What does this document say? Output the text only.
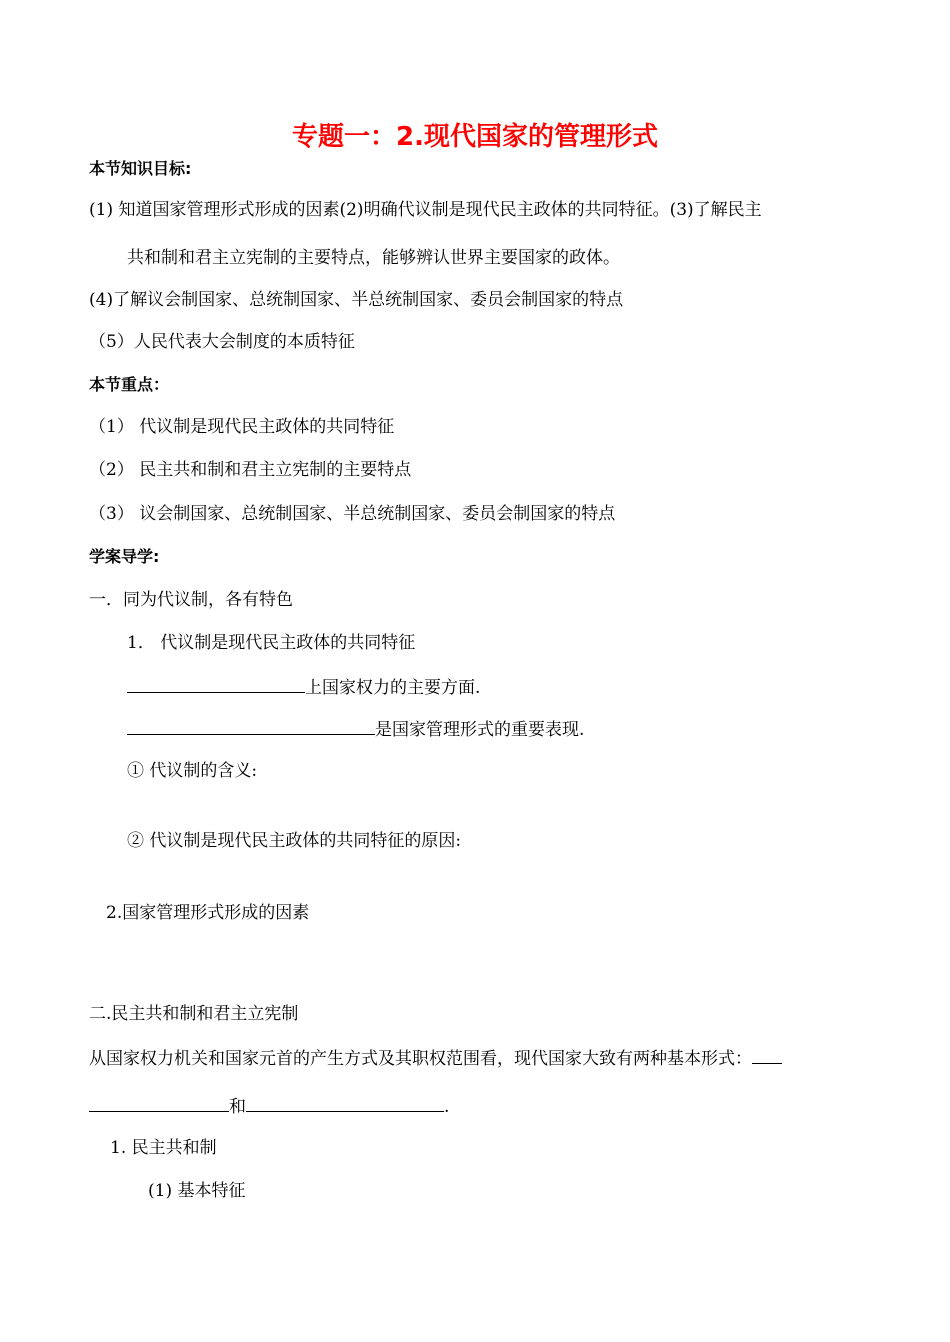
专题一：2.现代国家的管理形式
本节知识目标:
(1) 知道国家管理形式形成的因素(2)明确代议制是现代民主政体的共同特征。(3)了解民主
共和制和君主立宪制的主要特点，能够辨认世界主要国家的政体。
(4)了解议会制国家、总统制国家、半总统制国家、委员会制国家的特点
（5）人民代表大会制度的本质特征
本节重点：
（1） 代议制是现代民主政体的共同特征
（2） 民主共和制和君主立宪制的主要特点
（3） 议会制国家、总统制国家、半总统制国家、委员会制国家的特点
学案导学:
一．同为代议制，各有特色
1． 代议制是现代民主政体的共同特征
上国家权力的主要方面.
是国家管理形式的重要表现.
① 代议制的含义:
② 代议制是现代民主政体的共同特征的原因:
2.国家管理形式形成的因素
二.民主共和制和君主立宪制
从国家权力机关和国家元首的产生方式及其职权范围看，现代国家大致有两种基本形式：
和	.
1. 民主共和制
(1) 基本特征
